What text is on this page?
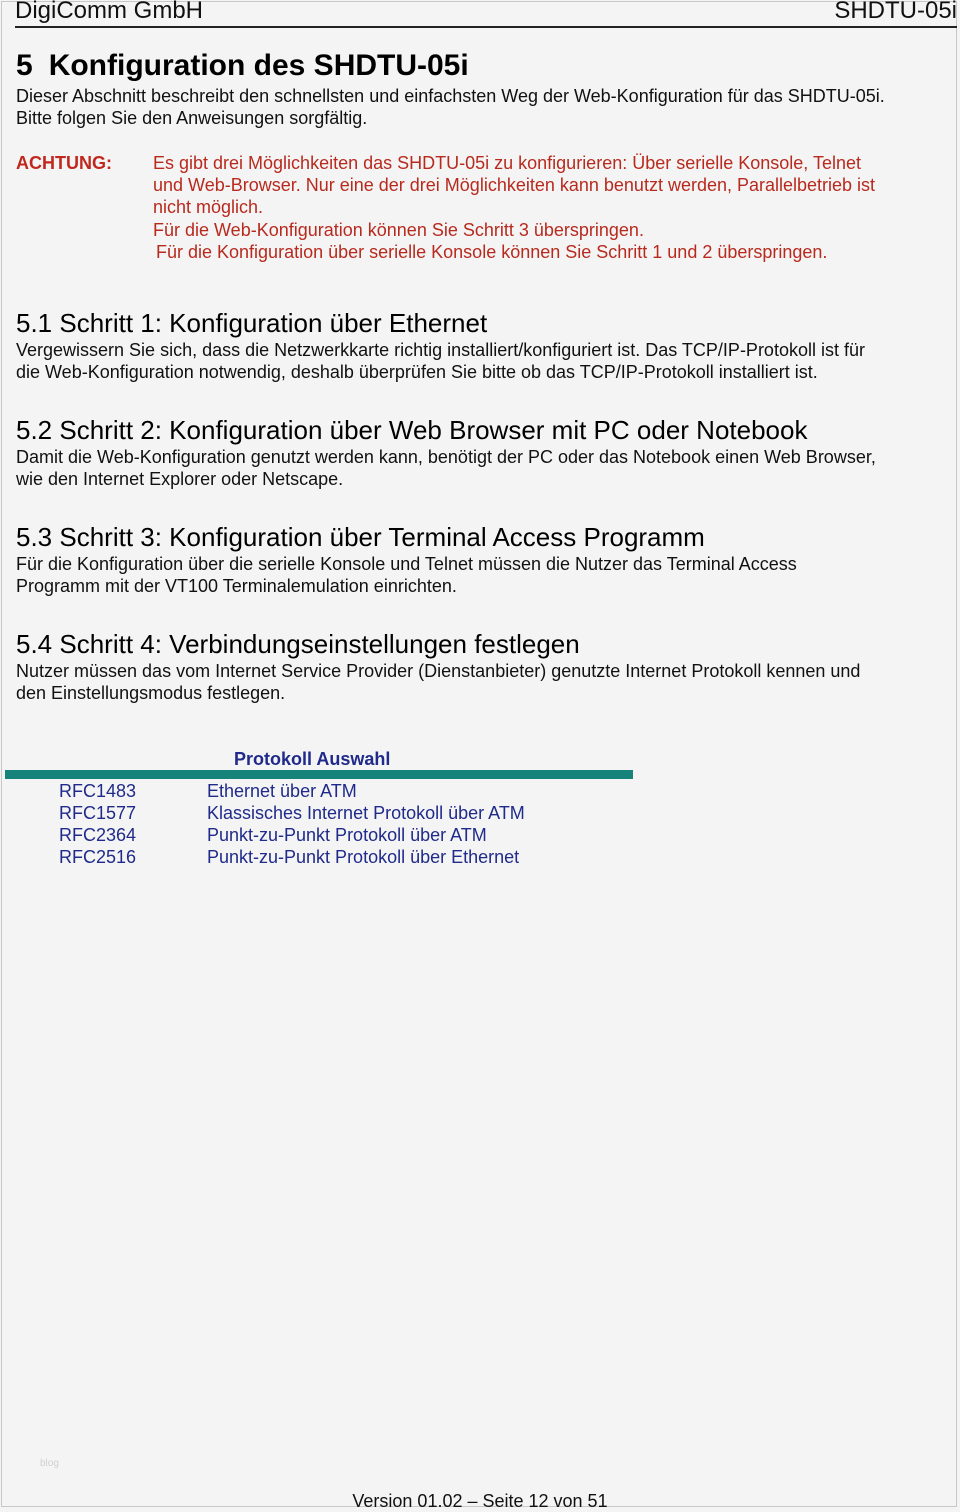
DigiComm GmbH	SHDTU-05i
5 Konfiguration des SHDTU-05i
Dieser Abschnitt beschreibt den schnellsten und einfachsten Weg der Web-Konfiguration für das SHDTU-05i.
Bitte folgen Sie den Anweisungen sorgfältig.
ACHTUNG: Es gibt drei Möglichkeiten das SHDTU-05i zu konfigurieren: Über serielle Konsole, Telnet
und Web-Browser. Nur eine der drei Möglichkeiten kann benutzt werden, Parallelbetrieb ist
nicht möglich.
Für die Web-Konfiguration können Sie Schritt 3 überspringen.
Für die Konfiguration über serielle Konsole können Sie Schritt 1 und 2 überspringen.
5.1 Schritt 1: Konfiguration über Ethernet
Vergewissern Sie sich, dass die Netzwerkkarte richtig installiert/konfiguriert ist. Das TCP/IP-Protokoll ist für
die Web-Konfiguration notwendig, deshalb überprüfen Sie bitte ob das TCP/IP-Protokoll installiert ist.
5.2 Schritt 2: Konfiguration über Web Browser mit PC oder Notebook
Damit die Web-Konfiguration genutzt werden kann, benötigt der PC oder das Notebook einen Web Browser,
wie den Internet Explorer oder Netscape.
5.3 Schritt 3: Konfiguration über Terminal Access Programm
Für die Konfiguration über die serielle Konsole und Telnet müssen die Nutzer das Terminal Access
Programm mit der VT100 Terminalemulation einrichten.
5.4 Schritt 4: Verbindungseinstellungen festlegen
Nutzer müssen das vom Internet Service Provider (Dienstanbieter) genutzte Internet Protokoll kennen und
den Einstellungsmodus festlegen.
Protokoll Auswahl
RFC1483	Ethernet über ATM
RFC1577	Klassisches Internet Protokoll über ATM
RFC2364	Punkt-zu-Punkt Protokoll über ATM
RFC2516	Punkt-zu-Punkt Protokoll über Ethernet
blog
Version 01.02 – Seite 12 von 51
